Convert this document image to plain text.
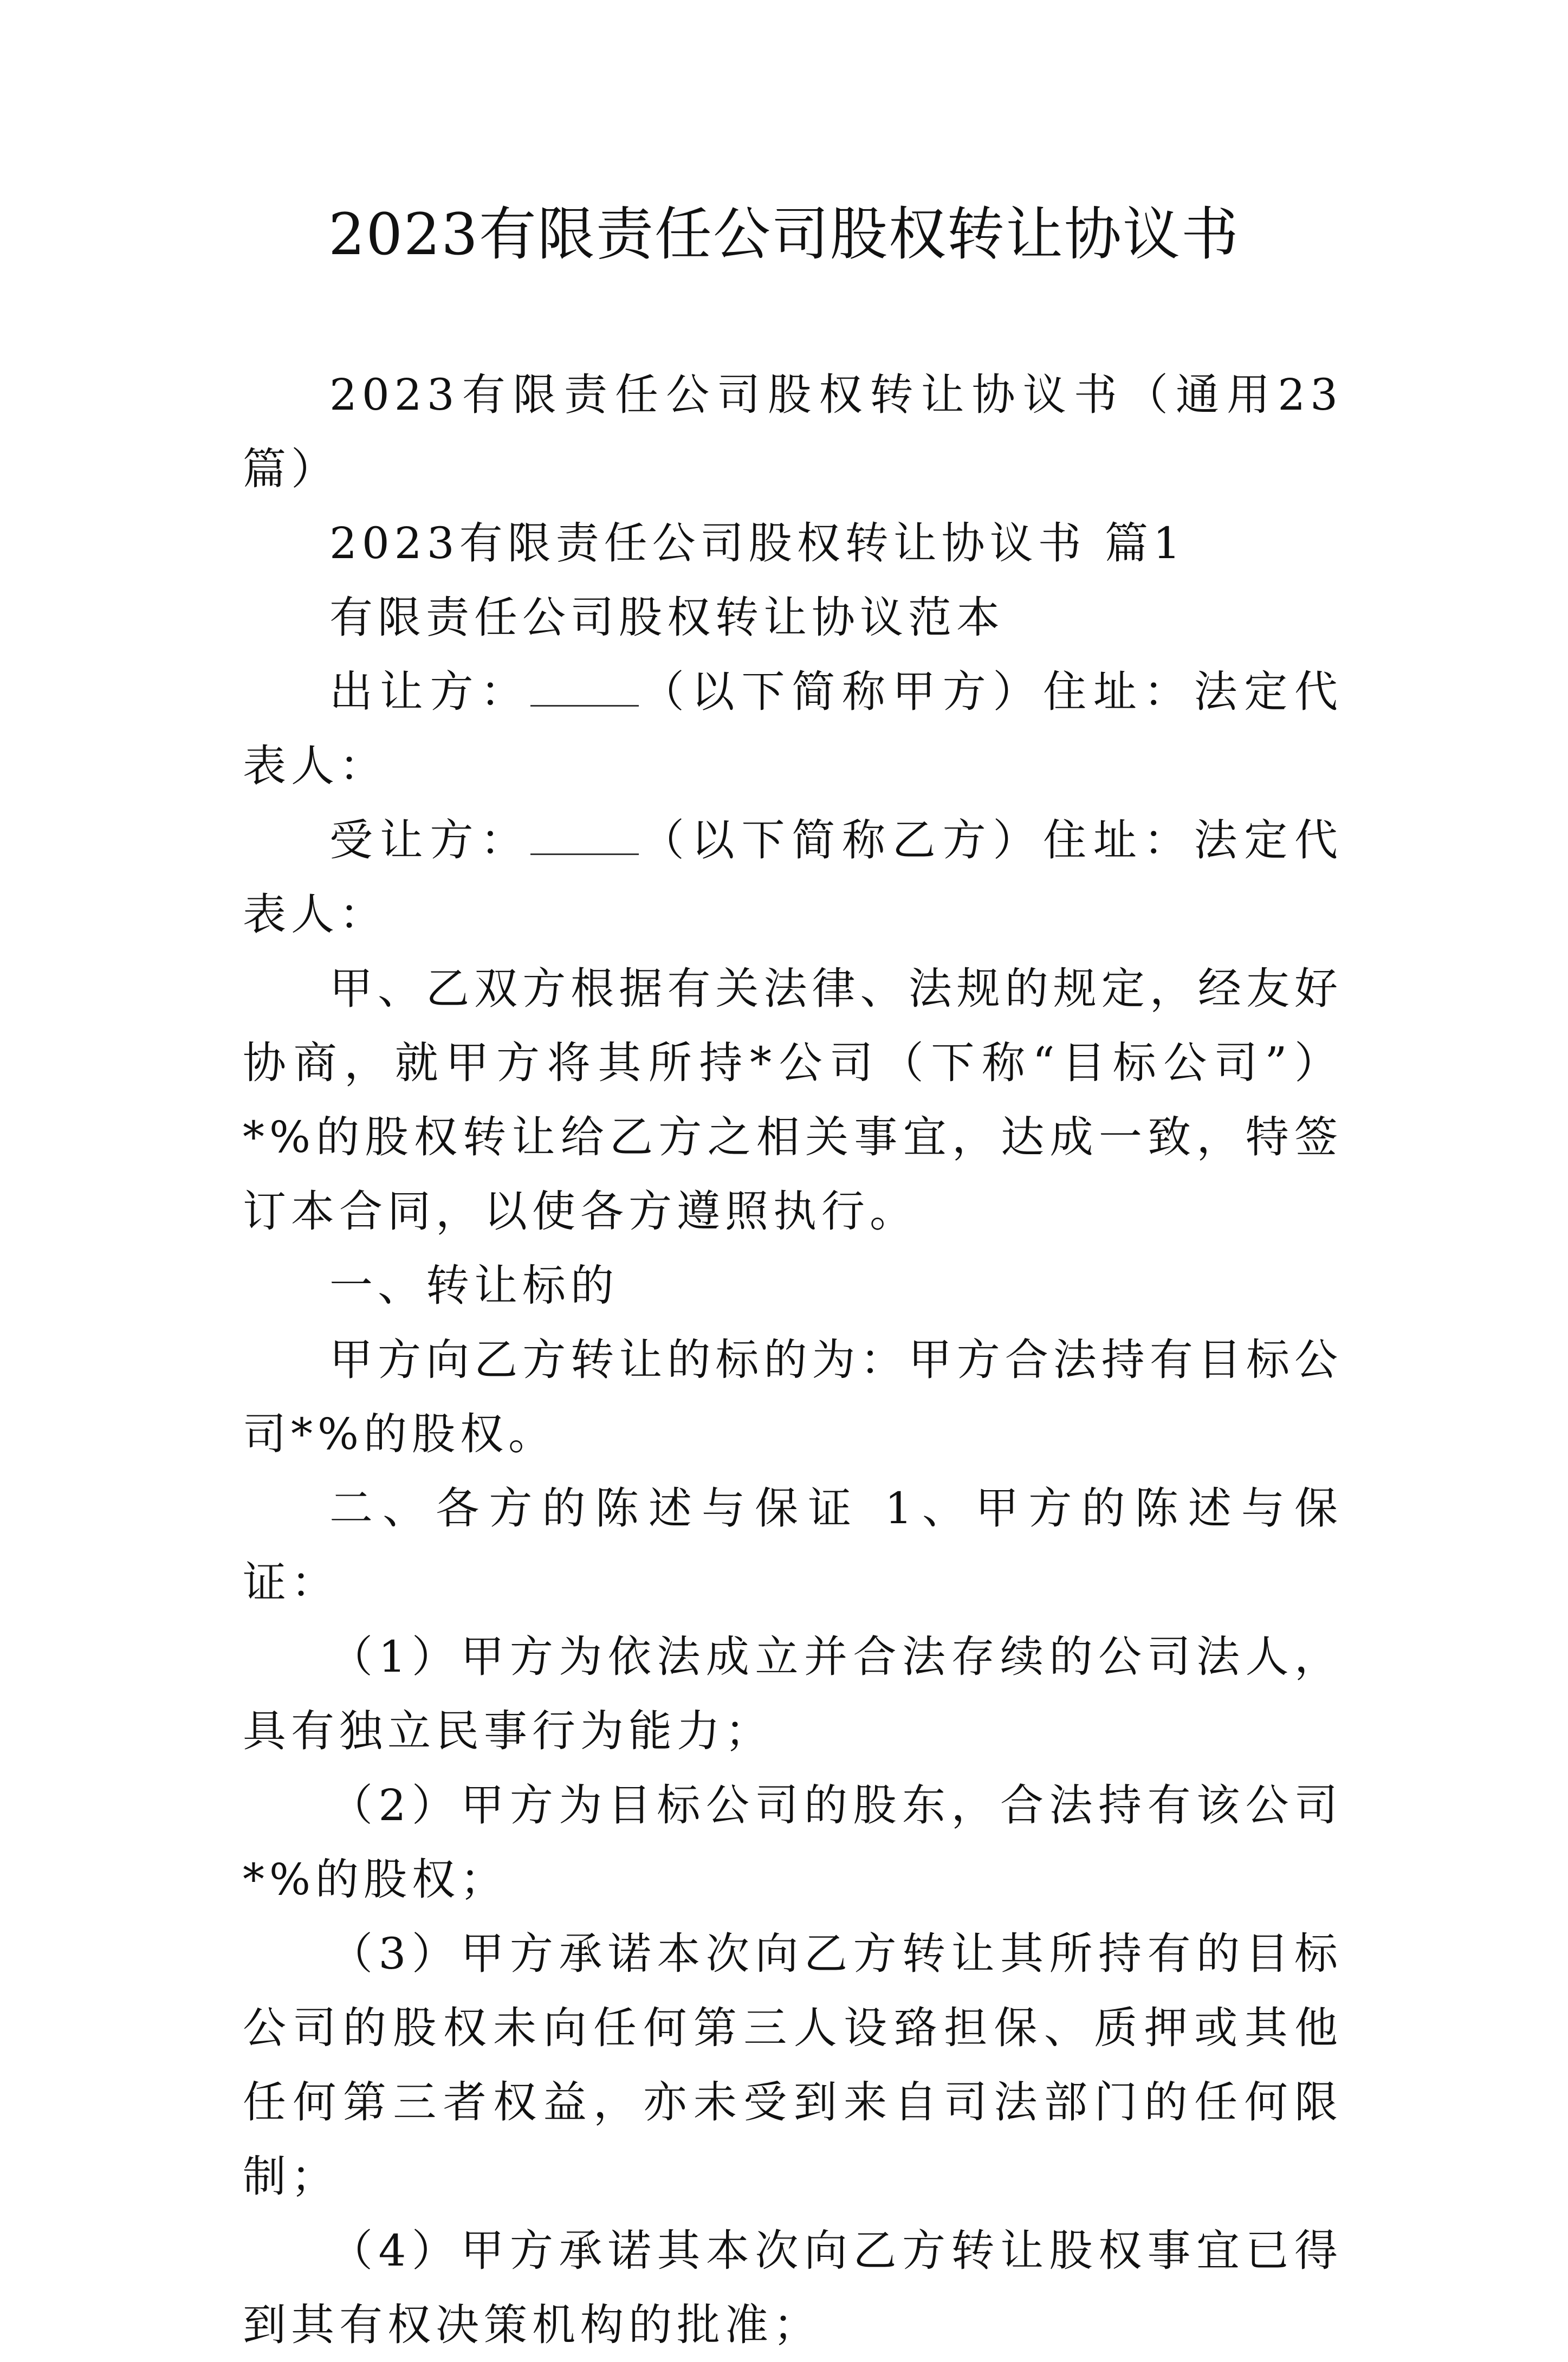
2023有限责任公司股权转让协议书

2023有限责任公司股权转让协议书（通用23篇）

2023有限责任公司股权转让协议书 篇1

有限责任公司股权转让协议范本

出让方：	（以下简称甲方）住址：法定代表人：

受让方：	（以下简称乙方）住址：法定代表人：

甲、乙双方根据有关法律、法规的规定，经友好协商，就甲方将其所持*公司（下称“目标公司”）*%的股权转让给乙方之相关事宜，达成一致，特签订本合同，以使各方遵照执行。

一、转让标的

甲方向乙方转让的标的为：甲方合法持有目标公司*%的股权。

二、各方的陈述与保证 1、甲方的陈述与保证：

（1）甲方为依法成立并合法存续的公司法人，具有独立民事行为能力；

（2）甲方为目标公司的股东，合法持有该公司*%的股权；

（3）甲方承诺本次向乙方转让其所持有的目标公司的股权未向任何第三人设臵担保、质押或其他任何第三者权益，亦未受到来自司法部门的任何限制；

（4）甲方承诺其本次向乙方转让股权事宜已得到其有权决策机构的批准；
